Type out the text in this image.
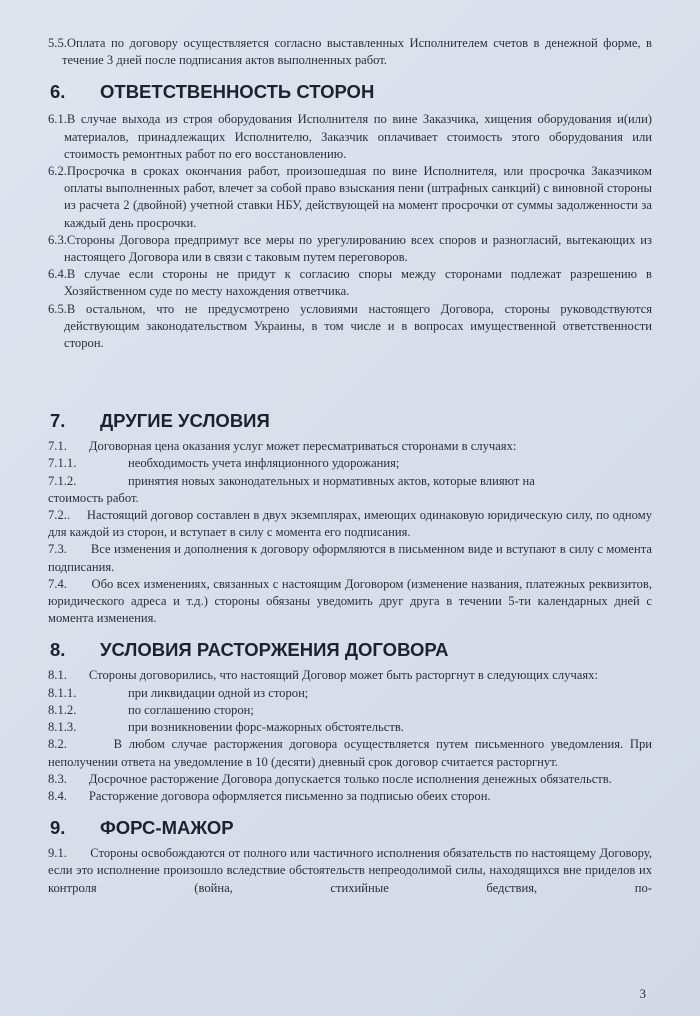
5.5.Оплата по договору осуществляется согласно выставленных Исполнителем счетов в денежной форме, в течение 3 дней после подписания актов выполненных работ.

6. ОТВЕТСТВЕННОСТЬ СТОРОН

6.1.В случае выхода из строя оборудования Исполнителя по вине Заказчика, хищения оборудования и(или) материалов, принадлежащих Исполнителю, Заказчик оплачивает стоимость этого оборудования или стоимость ремонтных работ по его восстановлению.

6.2.Просрочка в сроках окончания работ, произошедшая по вине Исполнителя, или просрочка Заказчиком оплаты выполненных работ, влечет за собой право взыскания пени (штрафных санкций) с виновной стороны из расчета 2 (двойной) учетной ставки НБУ, действующей на момент просрочки от суммы задолженности за каждый день просрочки.

6.3.Стороны Договора предпримут все меры по урегулированию всех споров и разногласий, вытекающих из настоящего Договора или в связи с таковым путем переговоров.

6.4.В случае если стороны не придут к согласию споры между сторонами подлежат разрешению в Хозяйственном суде по месту нахождения ответчика.

6.5.В остальном, что не предусмотрено условиями настоящего Договора, стороны руководствуются действующим законодательством Украины, в том числе и в вопросах имущественной ответственности сторон.

7. ДРУГИЕ УСЛОВИЯ

7.1.       Договорная цена оказания услуг может пересматриваться сторонами в случаях:

7.1.1.	необходимость учета инфляционного удорожания;
7.1.2.	принятия новых законодательных и нормативных актов, которые влияют на

стоимость работ.

7.2..     Настоящий договор составлен в двух экземплярах, имеющих одинаковую юридическую силу, по одному для каждой из сторон, и вступает в силу с момента его подписания.

7.3.       Все изменения и дополнения к договору оформляются в письменном виде и вступают в силу с момента подписания.

7.4.       Обо всех изменениях, связанных с настоящим Договором (изменение названия, платежных реквизитов, юридического адреса и т.д.) стороны обязаны уведомить друг друга в течении 5-ти календарных дней с момента изменения.

8. УСЛОВИЯ РАСТОРЖЕНИЯ ДОГОВОРА

8.1.       Стороны договорились, что настоящий Договор может быть расторгнут в следующих случаях:

8.1.1.	при ликвидации одной из сторон;
8.1.2.	по соглашению сторон;
8.1.3.	при возникновении форс-мажорных обстоятельств.

8.2.       В любом случае расторжения договора осуществляется путем письменного уведомления. При неполучении ответа на уведомление в 10 (десяти) дневный срок договор считается расторгнут.

8.3.       Досрочное расторжение Договора допускается только после исполнения денежных обязательств.

8.4.       Расторжение договора оформляется письменно за подписью обеих сторон.

9. ФОРС-МАЖОР

9.1.       Стороны освобождаются от полного или частичного исполнения обязательств по настоящему Договору, если это исполнение произошло вследствие обстоятельств непреодолимой силы, находящихся вне приделов их контроля (война, стихийные бедствия, по-

3
